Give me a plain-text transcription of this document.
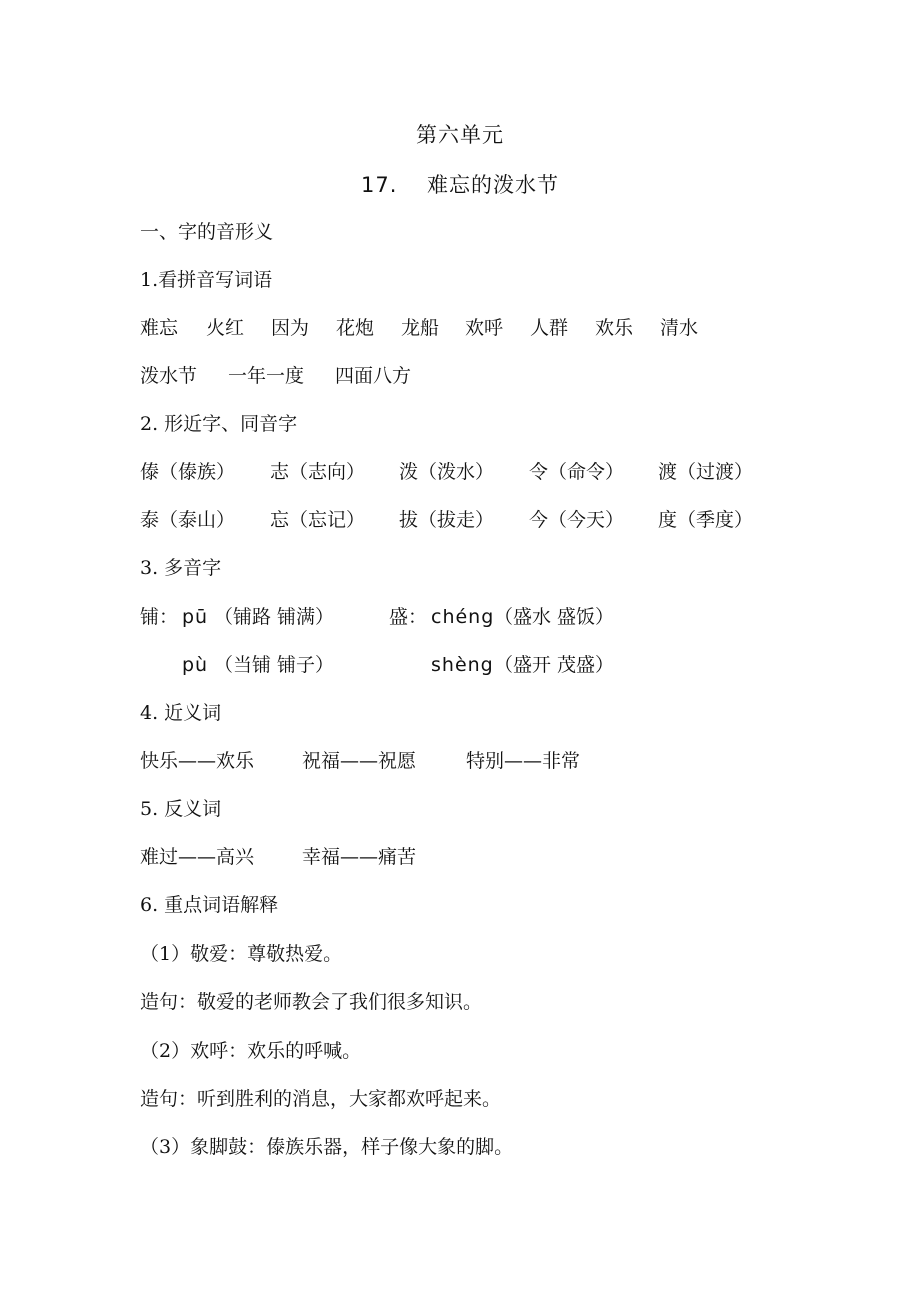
第六单元
17. 难忘的泼水节
一、字的音形义
1.看拼音写词语
难忘 火红 因为 花炮 龙船 欢呼 人群 欢乐 清水
泼水节 一年一度 四面八方
2. 形近字、同音字
傣（傣族） 志（志向） 泼（泼水） 令（命令） 渡（过渡）
泰（泰山） 忘（忘记） 拔（拔走） 今（今天） 度（季度）
3. 多音字
铺： pū （铺路 铺满）	盛： chéng （盛水 盛饭）
pù （当铺 铺子）	shèng （盛开 茂盛）
4. 近义词
快乐——欢乐	祝福——祝愿	特别——非常
5. 反义词
难过——高兴	幸福——痛苦
6. 重点词语解释
（1）敬爱：尊敬热爱。
造句：敬爱的老师教会了我们很多知识。
（2）欢呼：欢乐的呼喊。
造句：听到胜利的消息，大家都欢呼起来。
（3）象脚鼓：傣族乐器，样子像大象的脚。
